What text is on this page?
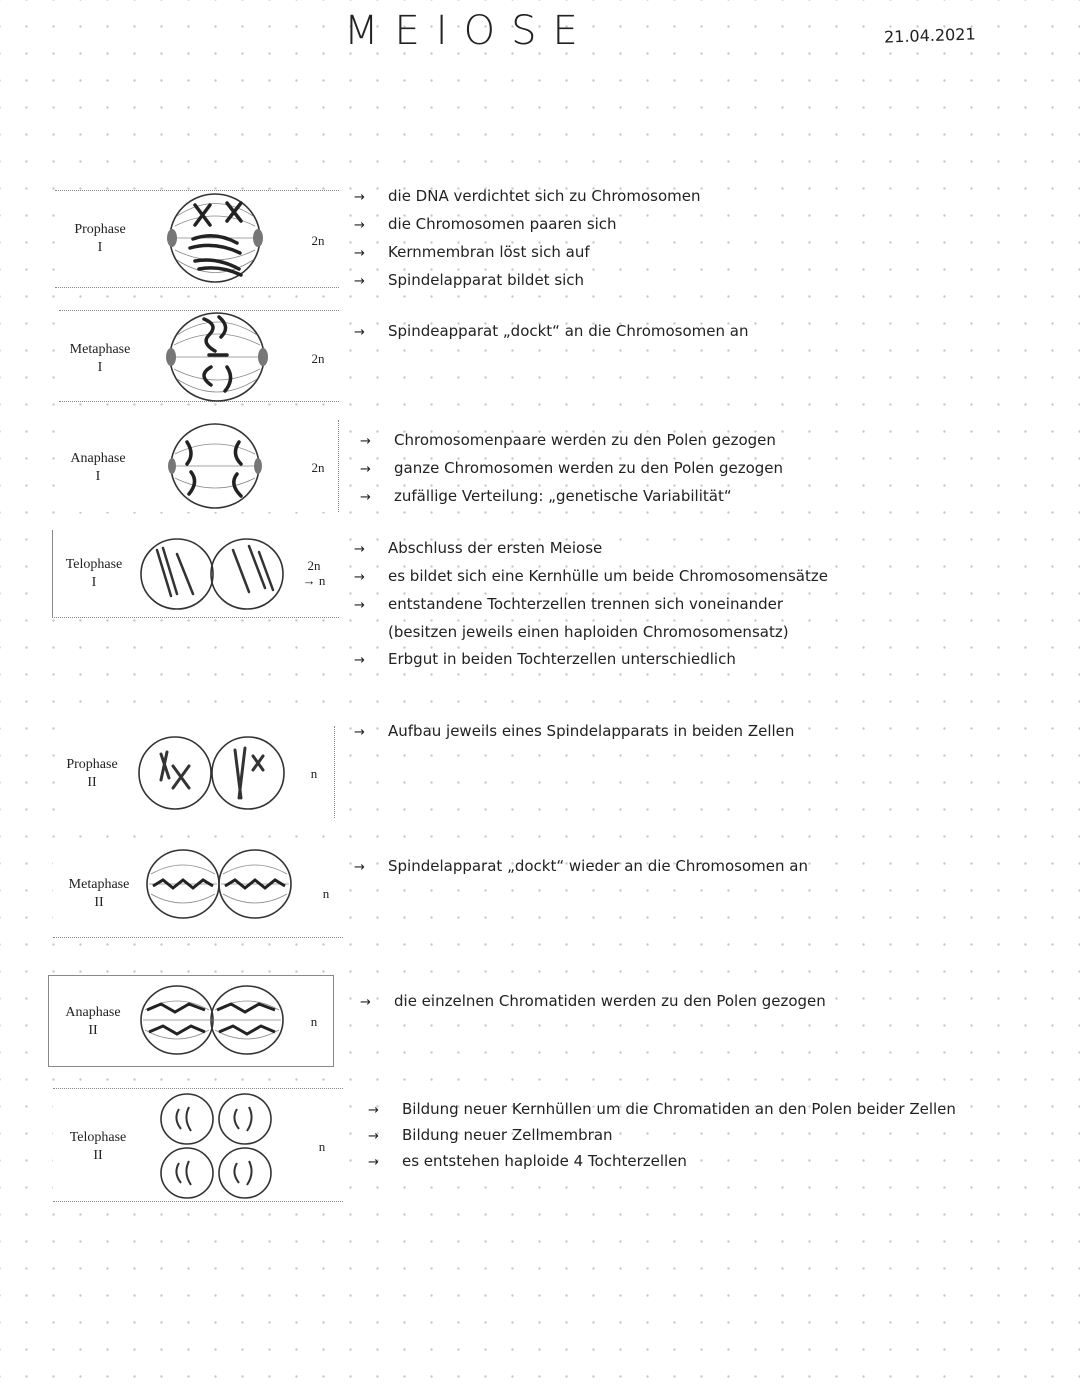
MEIOSE	21.04.2021
Prophase
I	2n
Metaphase
I
2n
Anaphase
I
2n
Telophase
I
2n
→ n
Prophase
II
n
Metaphase
II
n
Anaphase
II
n
Telophase
II
n
→ die DNA verdichtet sich zu Chromosomen
→ die Chromosomen paaren sich
→ Kernmembran löst sich auf
→ Spindelapparat bildet sich
→ Spindeapparat „dockt“ an die Chromosomen an
→ Chromosomenpaare werden zu den Polen gezogen
→ ganze Chromosomen werden zu den Polen gezogen
→ zufällige Verteilung: „genetische Variabilität“
→ Abschluss der ersten Meiose
→ es bildet sich eine Kernhülle um beide Chromosomensätze
→ entstandene Tochterzellen trennen sich voneinander
(besitzen jeweils einen haploiden Chromosomensatz)
→ Erbgut in beiden Tochterzellen unterschiedlich
→ Aufbau jeweils eines Spindelapparats in beiden Zellen
→ Spindelapparat „dockt“ wieder an die Chromosomen an
→ die einzelnen Chromatiden werden zu den Polen gezogen
→ Bildung neuer Kernhüllen um die Chromatiden an den Polen beider Zellen
→ Bildung neuer Zellmembran
→ es entstehen haploide 4 Tochterzellen
